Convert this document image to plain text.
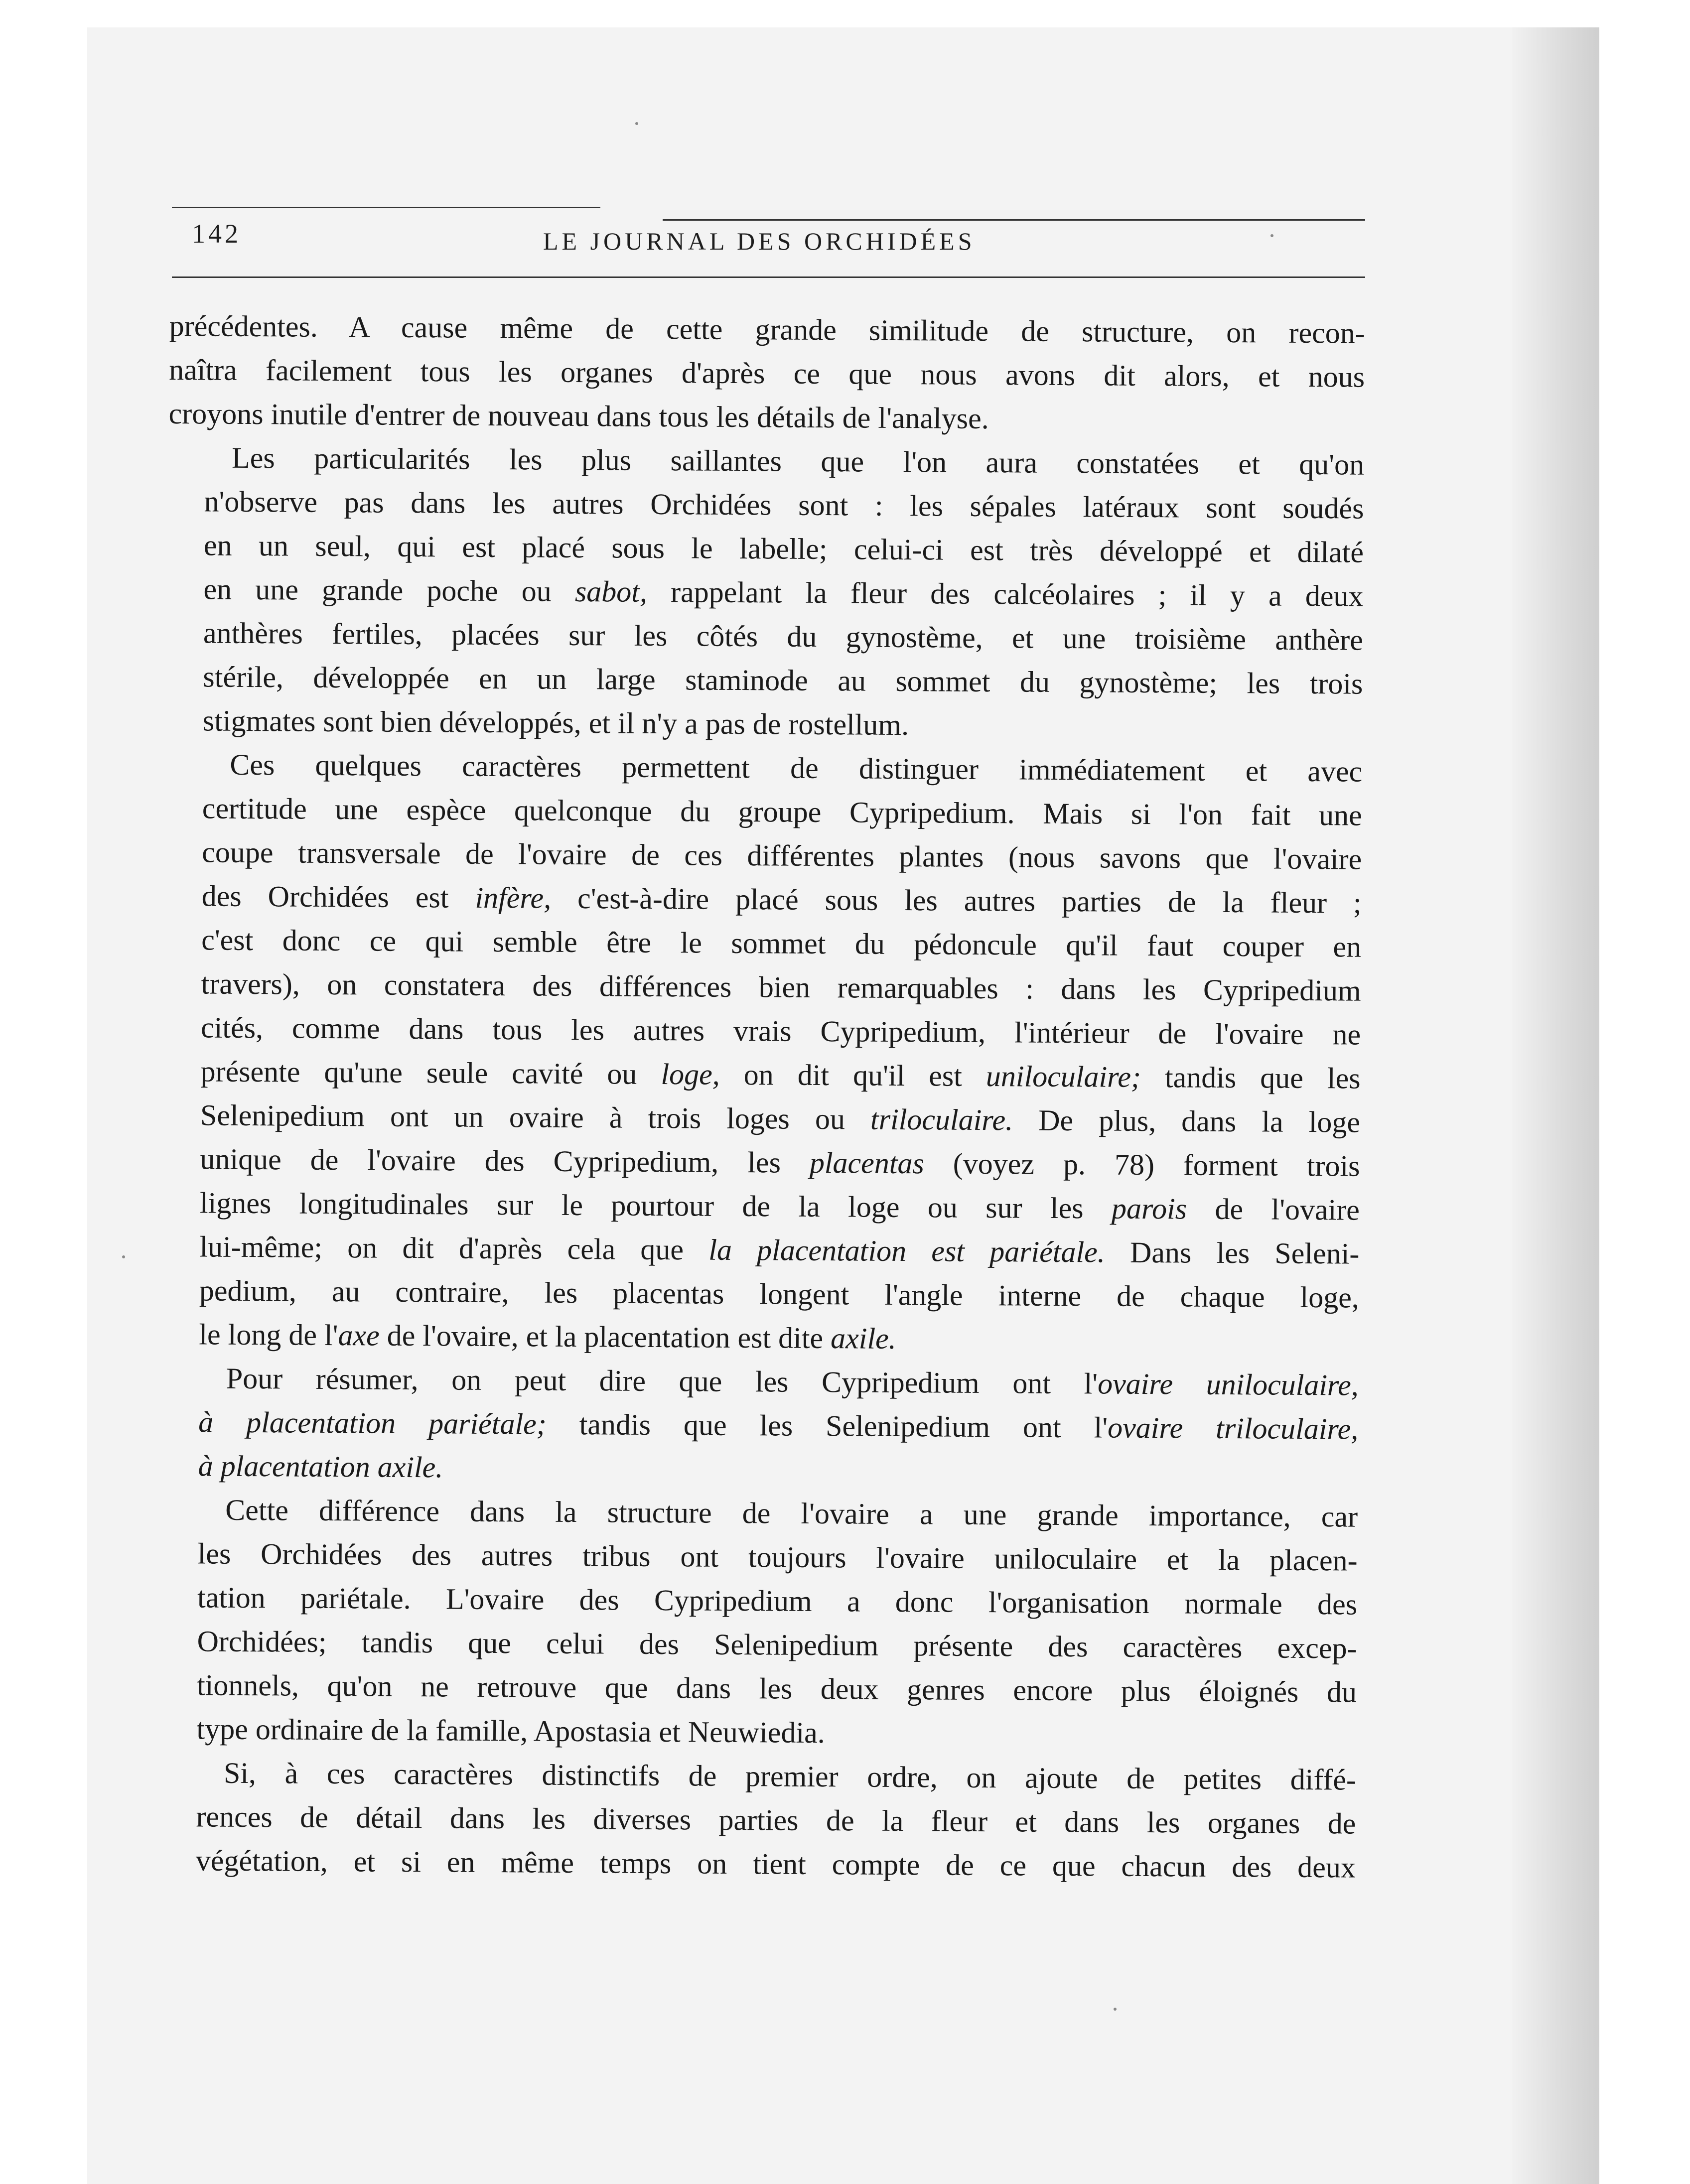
142	LE JOURNAL DES ORCHIDÉES
précédentes. A cause même de cette grande similitude de structure, on recon-
naîtra facilement tous les organes d'après ce que nous avons dit alors, et nous
croyons inutile d'entrer de nouveau dans tous les détails de l'analyse.
Les particularités les plus saillantes que l'on aura constatées et qu'on
n'observe pas dans les autres Orchidées sont : les sépales latéraux sont soudés
en un seul, qui est placé sous le labelle; celui-ci est très développé et dilaté
en une grande poche ou sabot, rappelant la fleur des calcéolaires ; il y a deux
anthères fertiles, placées sur les côtés du gynostème, et une troisième anthère
stérile, développée en un large staminode au sommet du gynostème; les trois
stigmates sont bien développés, et il n'y a pas de rostellum.
Ces quelques caractères permettent de distinguer immédiatement et avec
certitude une espèce quelconque du groupe Cypripedium. Mais si l'on fait une
coupe transversale de l'ovaire de ces différentes plantes (nous savons que l'ovaire
des Orchidées est infère, c'est-à-dire placé sous les autres parties de la fleur ;
c'est donc ce qui semble être le sommet du pédoncule qu'il faut couper en
travers), on constatera des différences bien remarquables : dans les Cypripedium
cités, comme dans tous les autres vrais Cypripedium, l'intérieur de l'ovaire ne
présente qu'une seule cavité ou loge, on dit qu'il est uniloculaire; tandis que les
Selenipedium ont un ovaire à trois loges ou triloculaire. De plus, dans la loge
unique de l'ovaire des Cypripedium, les placentas (voyez p. 78) forment trois
lignes longitudinales sur le pourtour de la loge ou sur les parois de l'ovaire
lui-même; on dit d'après cela que la placentation est pariétale. Dans les Seleni-
pedium, au contraire, les placentas longent l'angle interne de chaque loge,
le long de l'axe de l'ovaire, et la placentation est dite axile.
Pour résumer, on peut dire que les Cypripedium ont l'ovaire uniloculaire,
à placentation pariétale; tandis que les Selenipedium ont l'ovaire triloculaire,
à placentation axile.
Cette différence dans la structure de l'ovaire a une grande importance, car
les Orchidées des autres tribus ont toujours l'ovaire uniloculaire et la placen-
tation pariétale. L'ovaire des Cypripedium a donc l'organisation normale des
Orchidées; tandis que celui des Selenipedium présente des caractères excep-
tionnels, qu'on ne retrouve que dans les deux genres encore plus éloignés du
type ordinaire de la famille, Apostasia et Neuwiedia.
Si, à ces caractères distinctifs de premier ordre, on ajoute de petites diffé-
rences de détail dans les diverses parties de la fleur et dans les organes de
végétation, et si en même temps on tient compte de ce que chacun des deux
